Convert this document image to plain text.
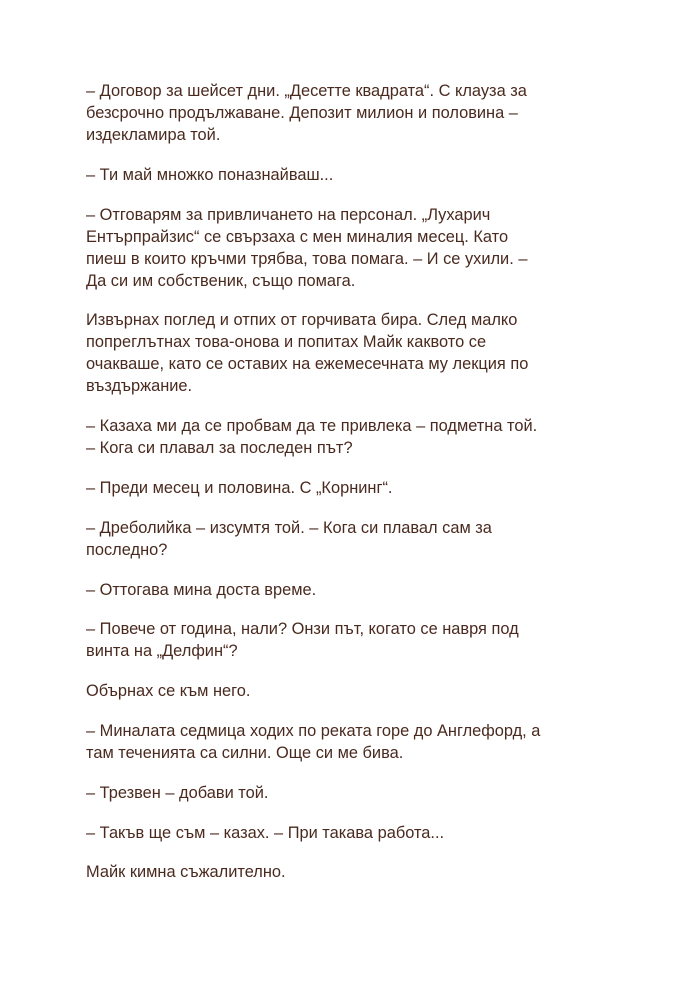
– Договор за шейсет дни. „Десетте квадрата“. С клауза за
безсрочно продължаване. Депозит милион и половина –
издекламира той.

– Ти май множко поназнайваш...

– Отговарям за привличането на персонал. „Лухарич
Ентърпрайзис“ се свързаха с мен миналия месец. Като
пиеш в които кръчми трябва, това помага. – И се ухили. –
Да си им собственик, също помага.

Извърнах поглед и отпих от горчивата бира. След малко
попреглътнах това-онова и попитах Майк каквото се
очакваше, като се оставих на ежемесечната му лекция по
въздържание.

– Казаха ми да се пробвам да те привлека – подметна той.
– Кога си плавал за последен път?

– Преди месец и половина. С „Корнинг“.

– Дреболийка – изсумтя той. – Кога си плавал сам за
последно?

– Оттогава мина доста време.

– Повече от година, нали? Онзи път, когато се навря под
винта на „Делфин“?

Обърнах се към него.

– Миналата седмица ходих по реката горе до Англефорд, а
там теченията са силни. Още си ме бива.

– Трезвен – добави той.

– Такъв ще съм – казах. – При такава работа...

Майк кимна съжалително.
